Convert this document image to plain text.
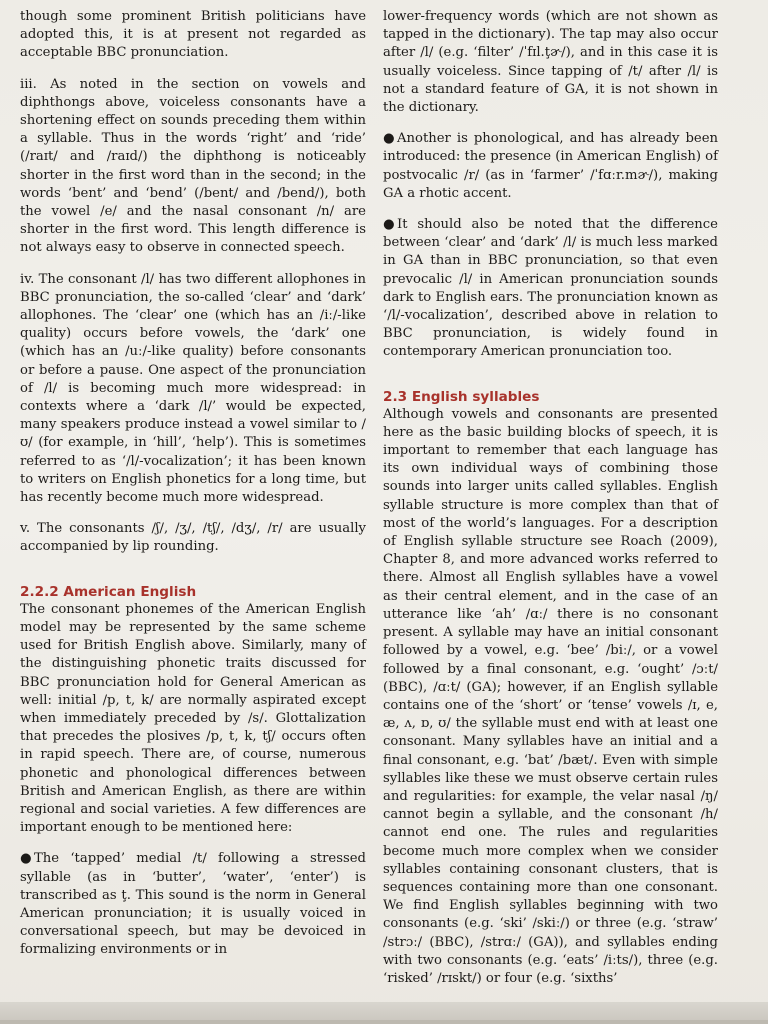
though some prominent British politicians have adopted this, it is at present not regarded as acceptable BBC pronunciation.

iii. As noted in the section on vowels and diphthongs above, voiceless consonants have a shortening effect on sounds preceding them within a syllable. Thus in the words ‘right’ and ‘ride’ (/raɪt/ and /raɪd/) the diphthong is noticeably shorter in the first word than in the second; in the words ‘bent’ and ‘bend’ (/bent/ and /bend/), both the vowel /e/ and the nasal consonant /n/ are shorter in the first word. This length difference is not always easy to observe in connected speech.

iv. The consonant /l/ has two different allophones in BBC pronunciation, the so-called ‘clear’ and ‘dark’ allophones. The ‘clear’ one (which has an /iː/-like quality) occurs before vowels, the ‘dark’ one (which has an /uː/-like quality) before consonants or before a pause. One aspect of the pronunciation of /l/ is becoming much more widespread: in contexts where a ‘dark /l/’ would be expected, many speakers produce instead a vowel similar to /ʊ/ (for example, in ‘hill’, ‘help’). This is sometimes referred to as ‘/l/-vocalization’; it has been known to writers on English phonetics for a long time, but has recently become much more widespread.

v. The consonants /ʃ/, /ʒ/, /tʃ/, /dʒ/, /r/ are usually accompanied by lip rounding.

2.2.2 American English

The consonant phonemes of the American English model may be represented by the same scheme used for British English above. Similarly, many of the distinguishing phonetic traits discussed for BBC pronunciation hold for General American as well: initial /p, t, k/ are normally aspirated except when immediately preceded by /s/. Glottalization that precedes the plosives /p, t, k, tʃ/ occurs often in rapid speech. There are, of course, numerous phonetic and phonological differences between British and American English, as there are within regional and social varieties. A few differences are important enough to be mentioned here:

● The ‘tapped’ medial /t/ following a stressed syllable (as in ‘butter’, ‘water’, ‘enter’) is transcribed as ţ. This sound is the norm in General American pronunciation; it is usually voiced in conversational speech, but may be devoiced in formalizing environments or in

lower-frequency words (which are not shown as tapped in the dictionary). The tap may also occur after /l/ (e.g. ‘filter’ /ˈfɪl.ţɚ/), and in this case it is usually voiceless. Since tapping of /t/ after /l/ is not a standard feature of GA, it is not shown in the dictionary.

● Another is phonological, and has already been introduced: the presence (in American English) of postvocalic /r/ (as in ‘farmer’ /ˈfɑːr.mɚ/), making GA a rhotic accent.

● It should also be noted that the difference between ‘clear’ and ‘dark’ /l/ is much less marked in GA than in BBC pronunciation, so that even prevocalic /l/ in American pronunciation sounds dark to English ears. The pronunciation known as ‘/l/-vocalization’, described above in relation to BBC pronunciation, is widely found in contemporary American pronunciation too.

2.3 English syllables

Although vowels and consonants are presented here as the basic building blocks of speech, it is important to remember that each language has its own individual ways of combining those sounds into larger units called syllables. English syllable structure is more complex than that of most of the world’s languages. For a description of English syllable structure see Roach (2009), Chapter 8, and more advanced works referred to there. Almost all English syllables have a vowel as their central element, and in the case of an utterance like ‘ah’ /ɑː/ there is no consonant present. A syllable may have an initial consonant followed by a vowel, e.g. ‘bee’ /biː/, or a vowel followed by a final consonant, e.g. ‘ought’ /ɔːt/ (BBC), /ɑːt/ (GA); however, if an English syllable contains one of the ‘short’ or ‘tense’ vowels /ɪ, e, æ, ʌ, ɒ, ʊ/ the syllable must end with at least one consonant. Many syllables have an initial and a final consonant, e.g. ‘bat’ /bæt/. Even with simple syllables like these we must observe certain rules and regularities: for example, the velar nasal /ŋ/ cannot begin a syllable, and the consonant /h/ cannot end one. The rules and regularities become much more complex when we consider syllables containing consonant clusters, that is sequences containing more than one consonant. We find English syllables beginning with two consonants (e.g. ‘ski’ /skiː/) or three (e.g. ‘straw’ /strɔː/ (BBC), /strɑː/ (GA)), and syllables ending with two consonants (e.g. ‘eats’ /iːts/), three (e.g. ‘risked’ /rɪskt/) or four (e.g. ‘sixths’
